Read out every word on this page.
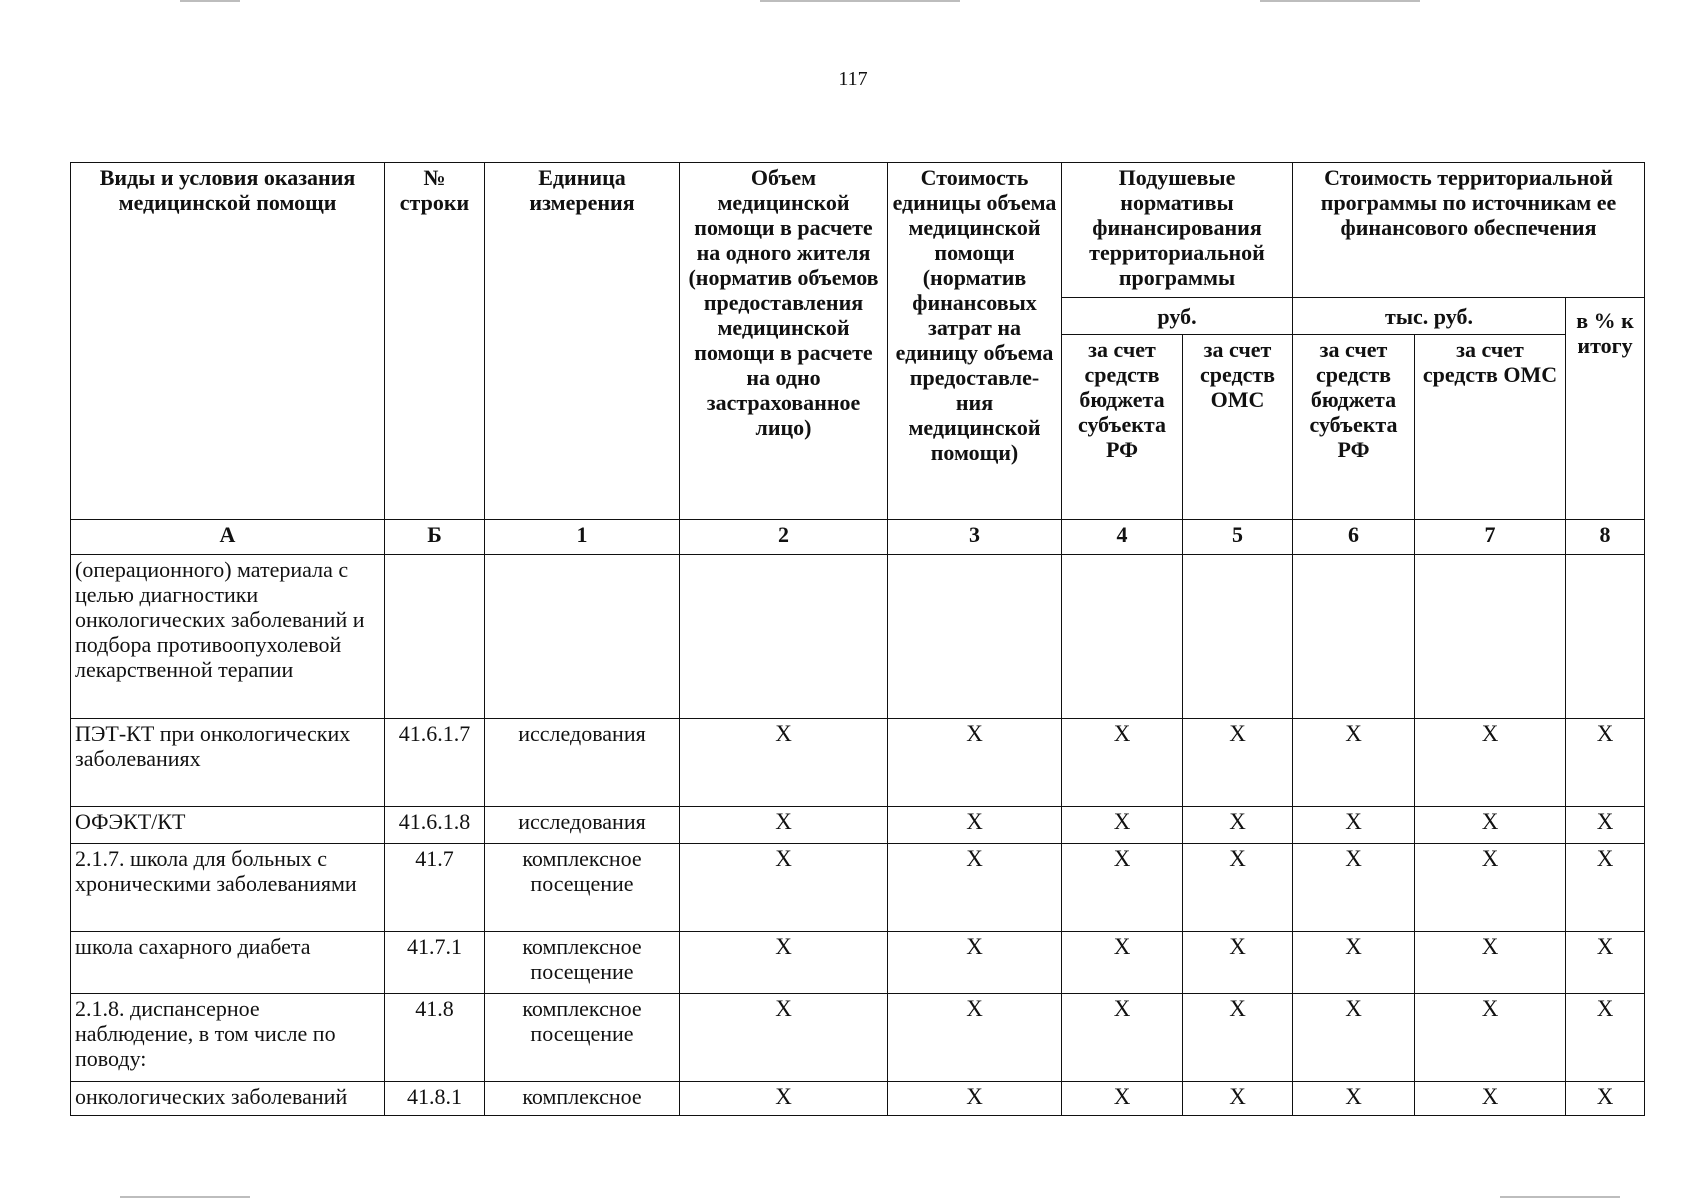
117
Виды и условия оказания медицинской помощи	№ строки	Единица измерения	Объем медицинской помощи в расчете на одного жителя (норматив объемов предоставления медицинской помощи в расчете на одно застрахованное лицо)	Стоимость единицы объема медицинской помощи (норматив финансовых затрат на единицу объема предоставле-ния медицинской помощи)	Подушевые нормативы финансирования территориальной программы		Стоимость территориальной программы по источникам ее финансового обеспечения		
					руб.		тыс. руб.		в % к итогу
					за счет средств бюджета субъекта РФ	за счет средств ОМС	за счет средств бюджета субъекта РФ	за счет средств ОМС	
А	Б	1	2	3	4	5	6	7	8
(операционного) материала с целью диагностики онкологических заболеваний и подбора противоопухолевой лекарственной терапии									
ПЭТ-КТ при онкологических заболеваниях	41.6.1.7	исследования	Х	Х	Х	Х	Х	Х	Х
ОФЭКТ/КТ	41.6.1.8	исследования	Х	Х	Х	Х	Х	Х	Х
2.1.7. школа для больных с хроническими заболеваниями	41.7	комплексное посещение	Х	Х	Х	Х	Х	Х	Х
школа сахарного диабета	41.7.1	комплексное посещение	Х	Х	Х	Х	Х	Х	Х
2.1.8. диспансерное наблюдение, в том числе по поводу:	41.8	комплексное посещение	Х	Х	Х	Х	Х	Х	Х
онкологических заболеваний	41.8.1	комплексное	Х	Х	Х	Х	Х	Х	Х
